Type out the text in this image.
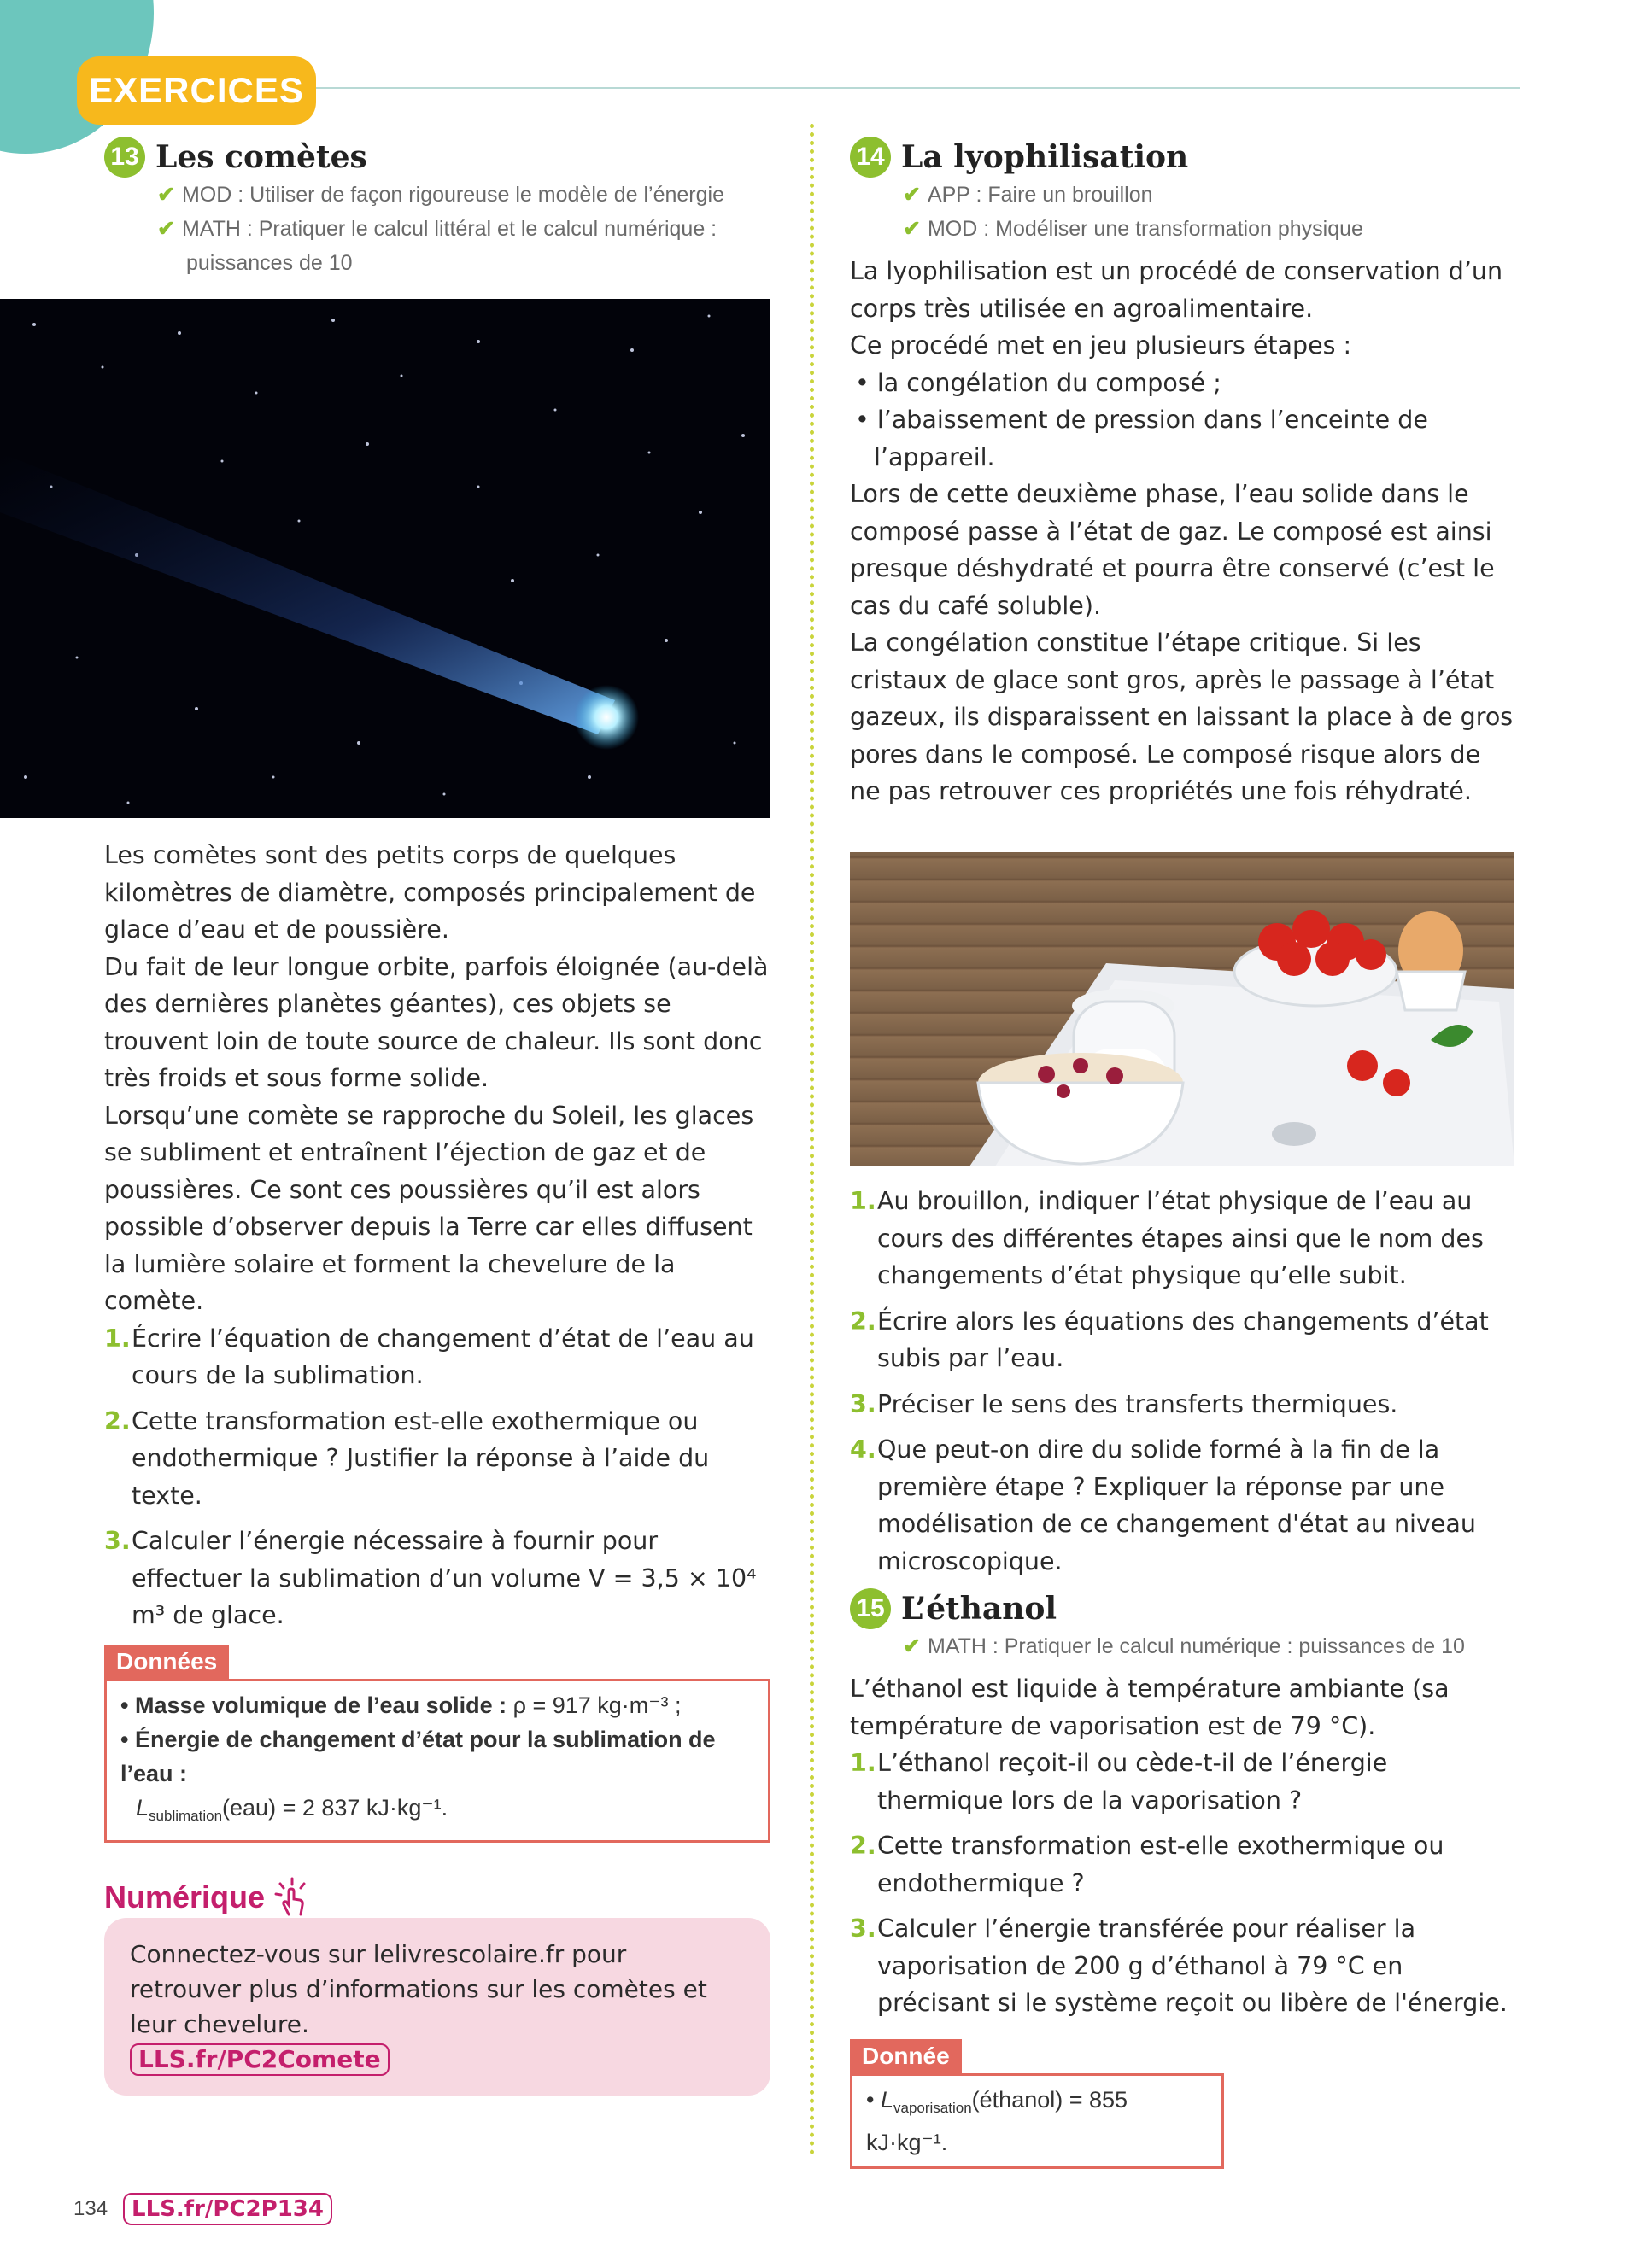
EXERCICES
13 Les comètes
✔ MOD : Utiliser de façon rigoureuse le modèle de l’énergie
✔ MATH : Pratiquer le calcul littéral et le calcul numérique :
puissances de 10

Les comètes sont des petits corps de quelques kilomètres de diamètre, composés principalement de glace d’eau et de poussière.

Du fait de leur longue orbite, parfois éloignée (au-delà des dernières planètes géantes), ces objets se trouvent loin de toute source de chaleur. Ils sont donc très froids et sous forme solide.

Lorsqu’une comète se rapproche du Soleil, les glaces se subliment et entraînent l’éjection de gaz et de poussières. Ce sont ces poussières qu’il est alors possible d’observer depuis la Terre car elles diffusent la lumière solaire et forment la chevelure de la comète.

1. Écrire l’équation de changement d’état de l’eau au cours de la sublimation.
2. Cette transformation est-elle exothermique ou endothermique ? Justifier la réponse à l’aide du texte.
3. Calculer l’énergie nécessaire à fournir pour effectuer la sublimation d’un volume V = 3,5 × 10⁴ m³ de glace.
Données
• Masse volumique de l’eau solide : ρ = 917 kg·m⁻³ ;
• Énergie de changement d’état pour la sublimation de l’eau :
$L_{sublimation}(eau) = 2$ 837 kJ·kg⁻¹.
Numérique
Connectez-vous sur lelivrescolaire.fr pour retrouver plus d’informations sur les comètes et leur chevelure.
LLS.fr/PC2Comete
14 La lyophilisation
✔ APP : Faire un brouillon
✔ MOD : Modéliser une transformation physique

La lyophilisation est un procédé de conservation d’un corps très utilisée en agroalimentaire.

Ce procédé met en jeu plusieurs étapes :

• la congélation du composé ;

• l’abaissement de pression dans l’enceinte de l’appareil.

Lors de cette deuxième phase, l’eau solide dans le composé passe à l’état de gaz. Le composé est ainsi presque déshydraté et pourra être conservé (c’est le cas du café soluble).

La congélation constitue l’étape critique. Si les cristaux de glace sont gros, après le passage à l’état gazeux, ils disparaissent en laissant la place à de gros pores dans le composé. Le composé risque alors de ne pas retrouver ces propriétés une fois réhydraté.

1. Au brouillon, indiquer l’état physique de l’eau au cours des différentes étapes ainsi que le nom des changements d’état physique qu’elle subit.
2. Écrire alors les équations des changements d’état subis par l’eau.
3. Préciser le sens des transferts thermiques.
4. Que peut-on dire du solide formé à la fin de la première étape ? Expliquer la réponse par une modélisation de ce changement d'état au niveau microscopique.
15 L’éthanol
✔ MATH : Pratiquer le calcul numérique : puissances de 10

L’éthanol est liquide à température ambiante (sa température de vaporisation est de 79 °C).

1. L’éthanol reçoit-il ou cède-t-il de l’énergie thermique lors de la vaporisation ?
2. Cette transformation est-elle exothermique ou endothermique ?
3. Calculer l’énergie transférée pour réaliser la vaporisation de 200 g d’éthanol à 79 °C en précisant si le système reçoit ou libère de l'énergie.
Donnée
• $L_{vaporisation}(éthanol) = 855$ kJ·kg⁻¹.
134	LLS.fr/PC2P134
